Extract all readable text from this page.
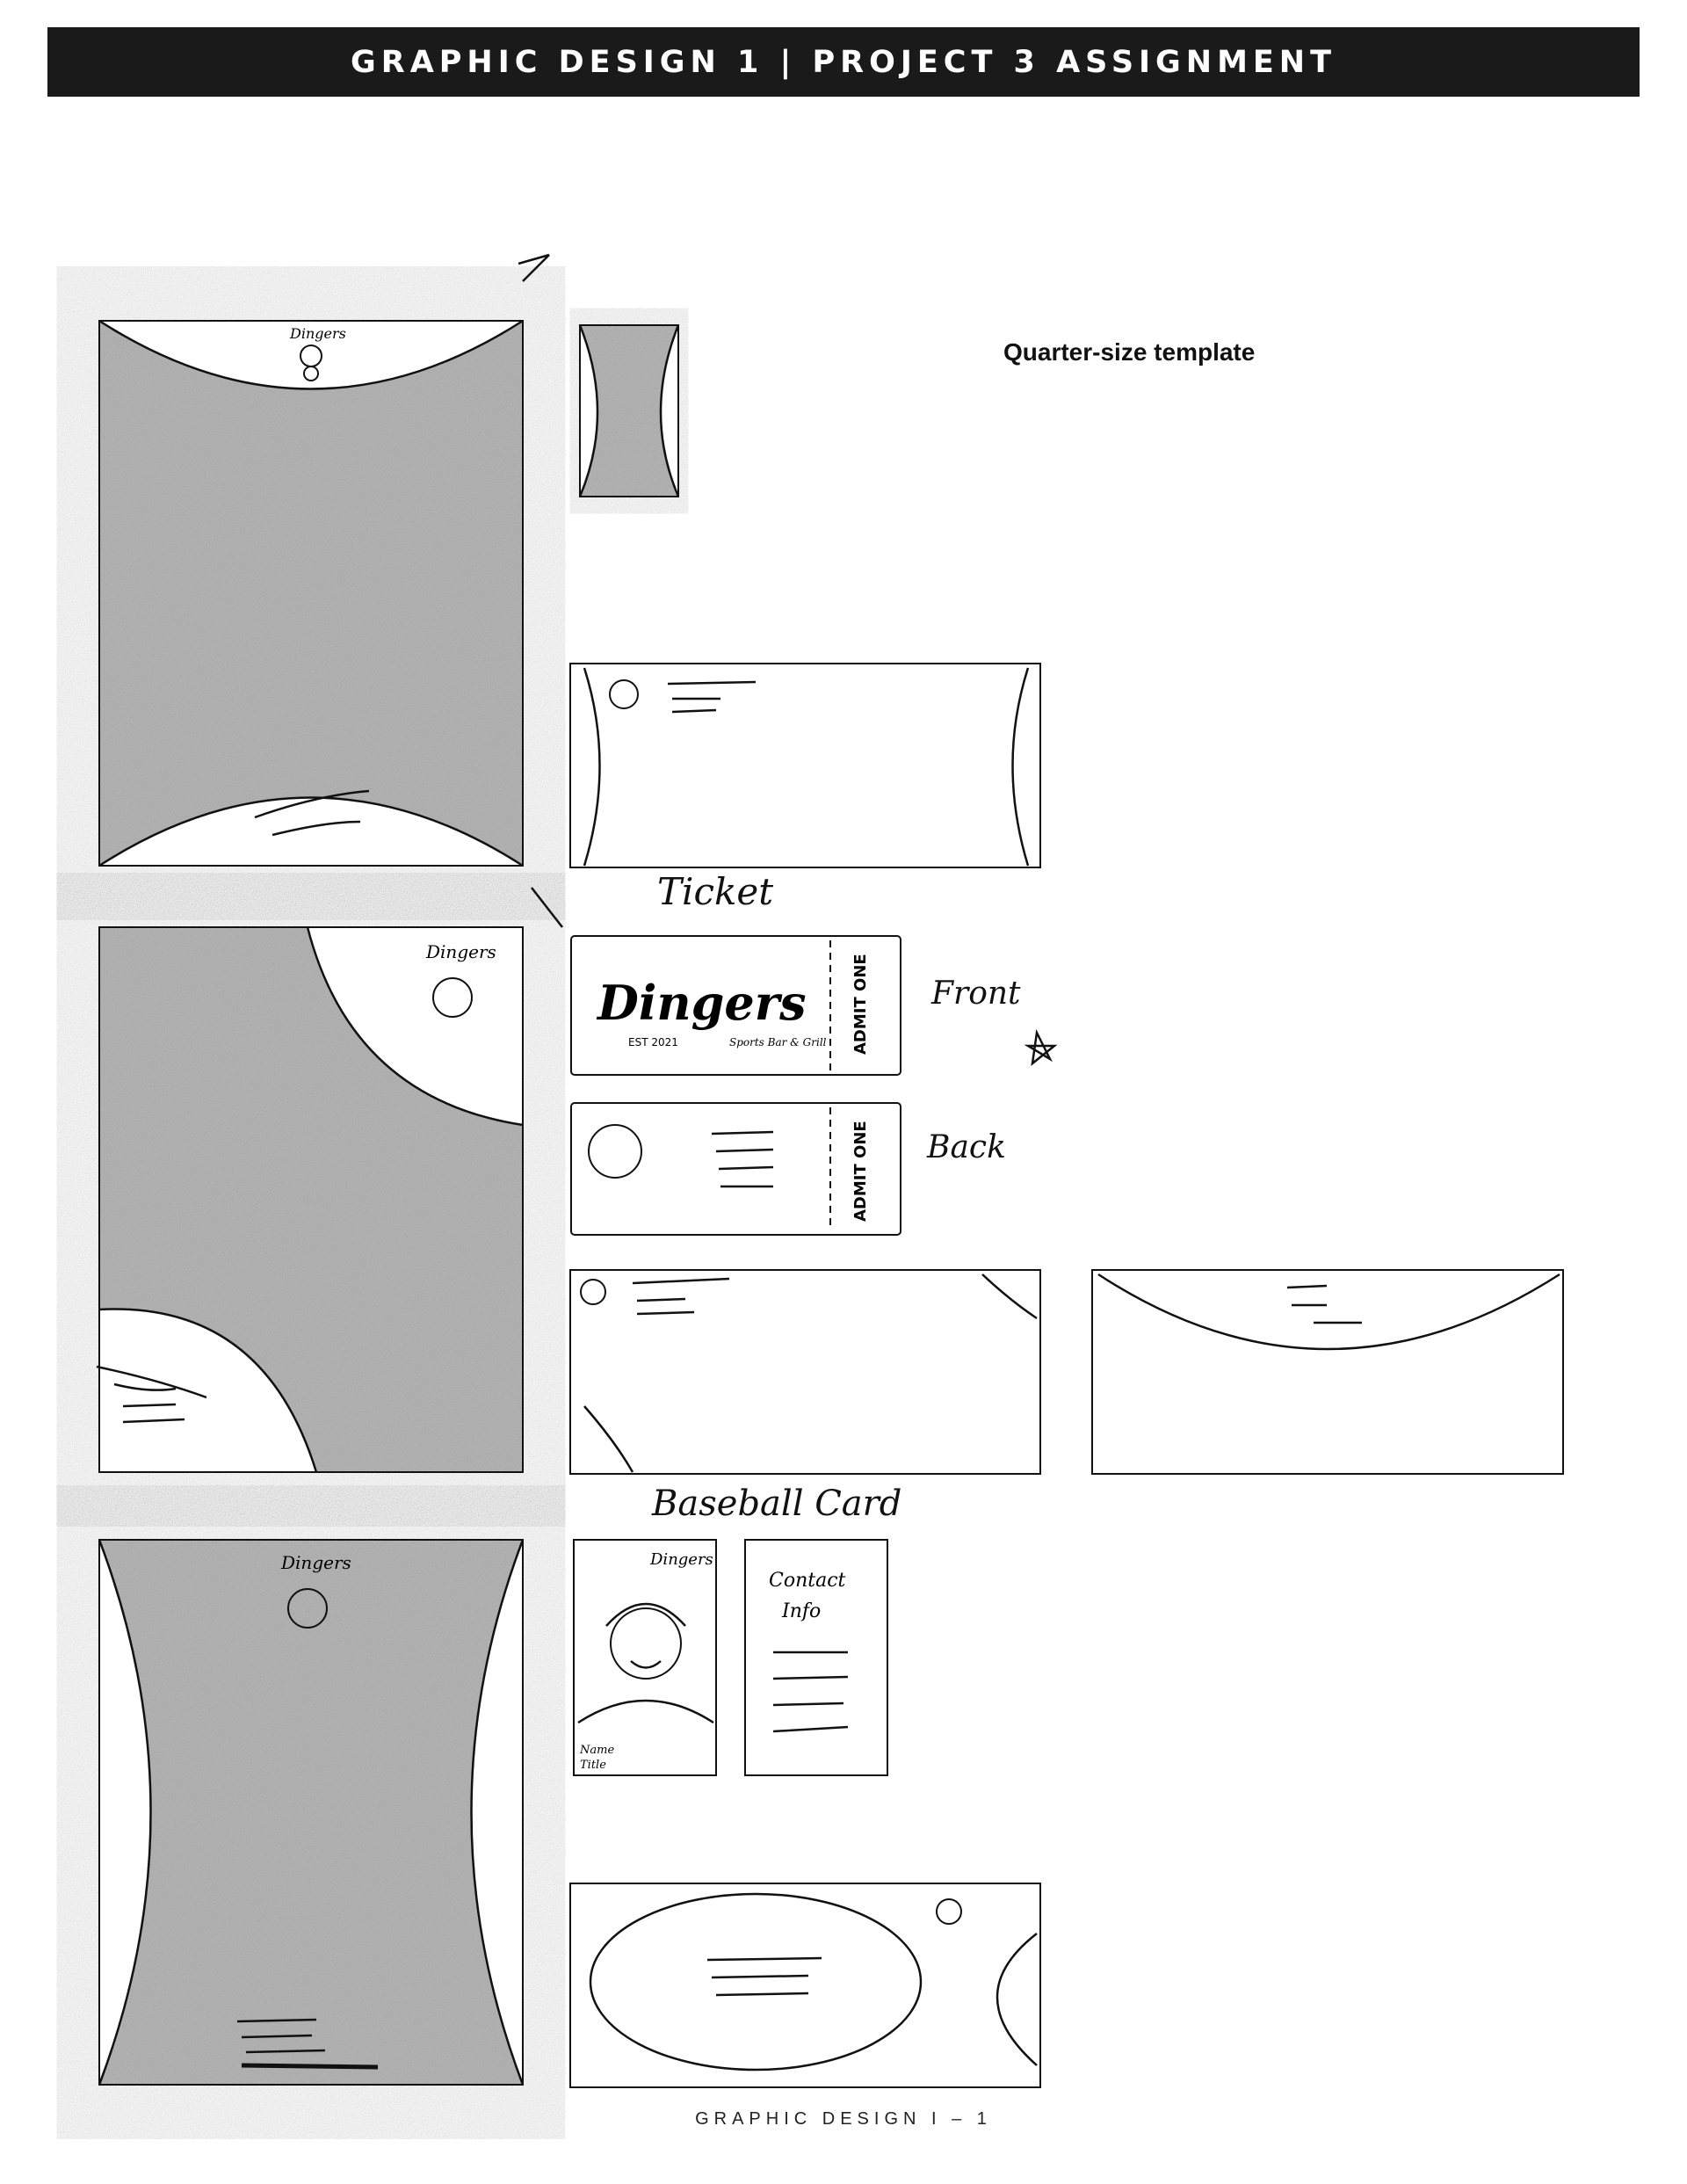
GRAPHIC DESIGN 1 | PROJECT 3 ASSIGNMENT
Quarter-size template
Dingers
Dingers
Dingers
EST 2021	Sports Bar & Grill ADMIT ONE
ADMIT ONE
Dingers	Dingers
Name
Title
Contact
Info
Ticket
Front
Back
Baseball Card
GRAPHIC DESIGN I – 1
